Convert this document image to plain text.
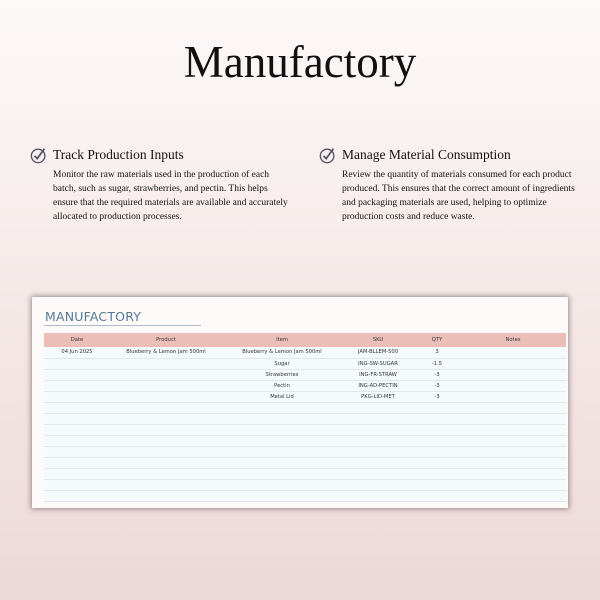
Manufactory
Track Production Inputs

Monitor the raw materials used in the production of each batch, such as sugar, strawberries, and pectin. This helps ensure that the required materials are available and accurately allocated to production processes.

Manage Material Consumption

Review the quantity of materials consumed for each product produced. This ensures that the correct amount of ingredients and packaging materials are used, helping to optimize production costs and reduce waste.

MANUFACTORY
Date	Product	Item	SKU	QTY	Notes
04 Jun 2025	Blueberry & Lemon Jam 500ml	Blueberry & Lemon Jam 500ml	JAM-BLLEM-500	3	
		Sugar	ING-SW-SUGAR	-1.5	
		Strawberries	ING-FR-STRAW	-3	
		Pectin	ING-AD-PECTIN	-3	
		Metal Lid	PKG-LID-MET	-3	
